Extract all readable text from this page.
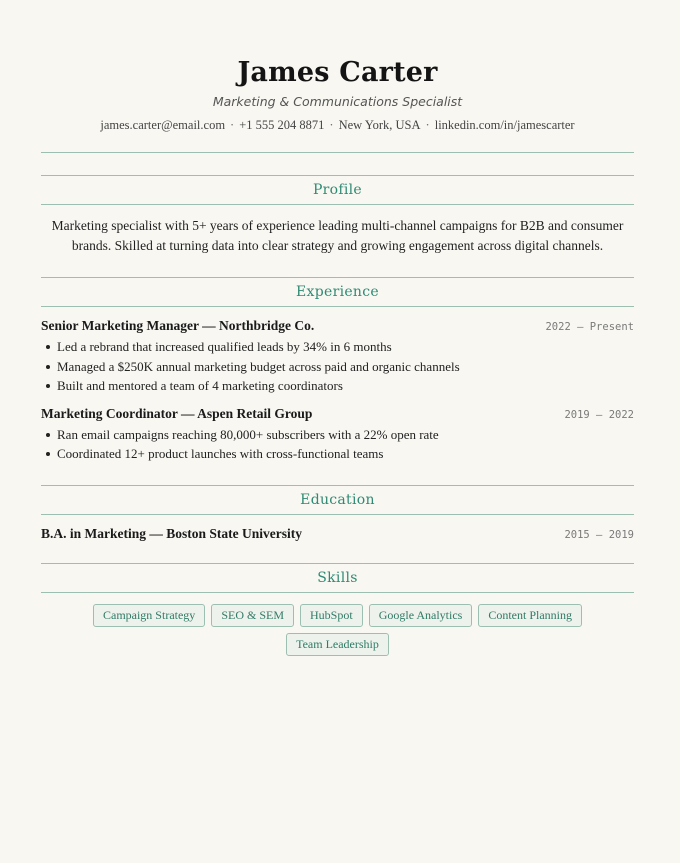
James Carter
Marketing & Communications Specialist
james.carter@email.com · +1 555 204 8871 · New York, USA · linkedin.com/in/jamescarter
Profile
Marketing specialist with 5+ years of experience leading multi-channel campaigns for B2B and consumer brands. Skilled at turning data into clear strategy and growing engagement across digital channels.
Experience
Senior Marketing Manager — Northbridge Co.	2022 – Present
Led a rebrand that increased qualified leads by 34% in 6 months
Managed a $250K annual marketing budget across paid and organic channels
Built and mentored a team of 4 marketing coordinators
Marketing Coordinator — Aspen Retail Group	2019 – 2022
Ran email campaigns reaching 80,000+ subscribers with a 22% open rate
Coordinated 12+ product launches with cross-functional teams
Education
B.A. in Marketing — Boston State University	2015 – 2019
Skills
Campaign Strategy	SEO & SEM	HubSpot	Google Analytics	Content Planning
Team Leadership
